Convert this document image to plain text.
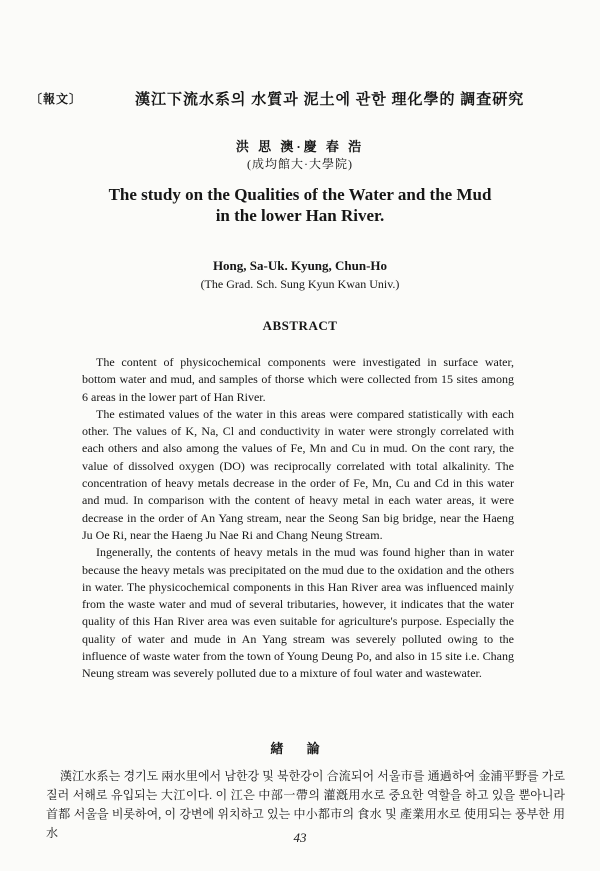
〔報文〕	漢江下流水系의 水質과 泥土에 관한 理化學的 調査硏究
洪 思 澳·慶 春 浩
(成均館大·大學院)
The study on the Qualities of the Water and the Mud
in the lower Han River.
Hong, Sa-Uk. Kyung, Chun-Ho
(The Grad. Sch. Sung Kyun Kwan Univ.)
ABSTRACT

The content of physicochemical components were investigated in surface water, bottom water and mud, and samples of thorse which were collected from 15 sites among 6 areas in the lower part of Han River.

The estimated values of the water in this areas were compared statistically with each other. The values of K, Na, Cl and conductivity in water were strongly correlated with each others and also among the values of Fe, Mn and Cu in mud. On the cont rary, the value of dissolved oxygen (DO) was reciprocally correlated with total alkalinity. The concentration of heavy metals decrease in the order of Fe, Mn, Cu and Cd in this water and mud. In comparison with the content of heavy metal in each water areas, it were decrease in the order of An Yang stream, near the Seong San big bridge, near the Haeng Ju Oe Ri, near the Haeng Ju Nae Ri and Chang Neung Stream.

Ingenerally, the contents of heavy metals in the mud was found higher than in water because the heavy metals was precipitated on the mud due to the oxidation and the others in water. The physicochemical components in this Han River area was influenced mainly from the waste water and mud of several tributaries, however, it indicates that the water quality of this Han River area was even suitable for agriculture's purpose. Especially the quality of water and mude in An Yang stream was severely polluted owing to the influence of waste water from the town of Young Deung Po, and also in 15 site i.e. Chang Neung stream was severely polluted due to a mixture of foul water and wastewater.

緖 論

漢江水系는 경기도 兩水里에서 남한강 및 북한강이 合流되어 서울市를 通過하여 金浦平野를 가로 질러 서해로 유입되는 大江이다. 이 江은 中部一帶의 灌漑用水로 중요한 역할을 하고 있을 뿐아니라 首都 서울을 비롯하여, 이 강변에 위치하고 있는 中小都市의 食水 및 產業用水로 使用되는 풍부한 用水	43
